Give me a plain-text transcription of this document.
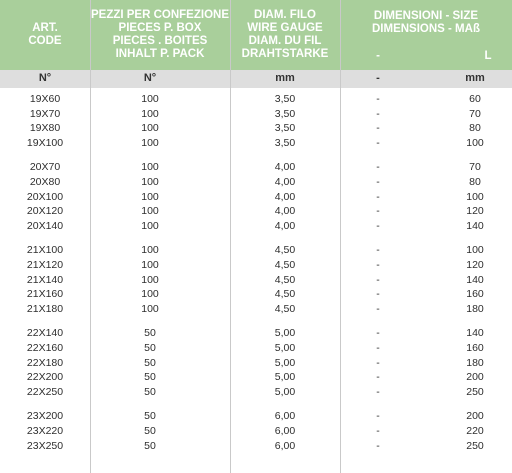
ART.
CODE
PEZZI PER CONFEZIONE
PIECES P. BOX
PIECES . BOITES
INHALT P. PACK
DIAM. FILO
WIRE GAUGE
DIAM. DU FIL
DRAHTSTARKE
DIMENSIONI - SIZE
DIMENSIONS - MAß
-	L
N°	N°	mm	-	mm
19X60	100	3,50	-	60
19X70	100	3,50	-	70
19X80	100	3,50	-	80
19X100	100	3,50	-	100
20X70	100	4,00	-	70
20X80	100	4,00	-	80
20X100	100	4,00	-	100
20X120	100	4,00	-	120
20X140	100	4,00	-	140
21X100	100	4,50	-	100
21X120	100	4,50	-	120
21X140	100	4,50	-	140
21X160	100	4,50	-	160
21X180	100	4,50	-	180
22X140	50	5,00	-	140
22X160	50	5,00	-	160
22X180	50	5,00	-	180
22X200	50	5,00	-	200
22X250	50	5,00	-	250
23X200	50	6,00	-	200
23X220	50	6,00	-	220
23X250	50	6,00	-	250
